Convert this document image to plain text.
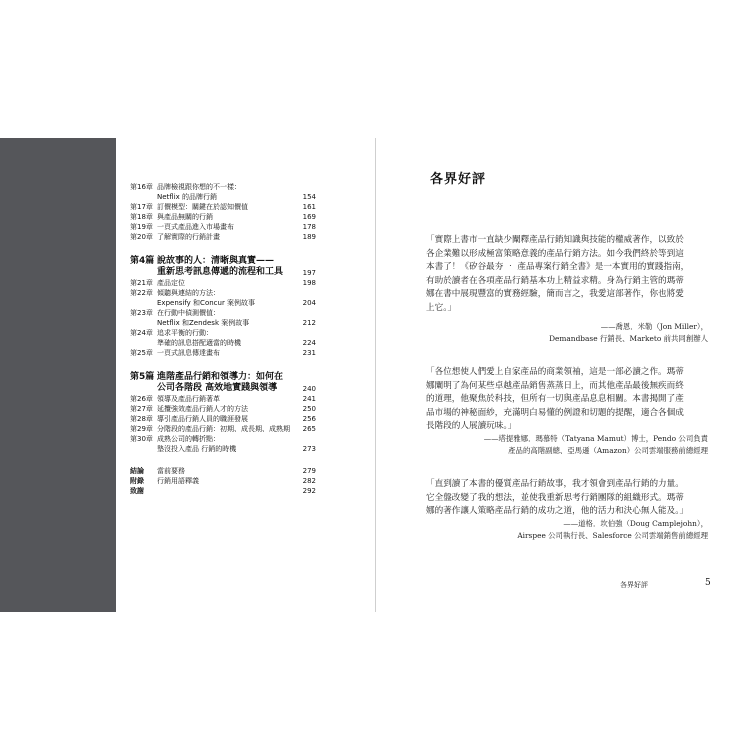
第16章 品牌檢視跟你想的不一樣：
Netflix 的品牌行銷	154
第17章 訂價模型：關鍵在於認知價值	161
第18章 與產品無關的行銷	169
第19章 一頁式產品進入市場畫布	178
第20章 了解實際的行銷計畫	189
第4篇 說故事的人：清晰與真實——
重新思考訊息傳遞的流程和工具	197
第21章 產品定位	198
第22章 傾聽與連結的方法：
Expensify 和Concur 案例故事	204
第23章 在行動中偵測價值：
Netflix 和Zendesk 案例故事	212
第24章 追求平衡的行動：
準確的訊息搭配適當的時機	224
第25章 一頁式訊息傳達畫布	231
第5篇 進階產品行銷和領導力：如何在
公司各階段 高效地實踐與領導	240
第26章 領導及產品行銷著革	241
第27章 延攬強效產品行銷人才的方法	250
第28章 導引產品行銷人員的職涯發展	256
第29章 分階段的產品行銷：初期、成長期、成熟期	265
第30章 成熟公司的轉折點：
墊沒投入產品 行銷的時機	273
結論	當前要務	279
附錄	行銷用語釋義	282
致謝	292
各界好評
「實際上書市一直缺少闡釋產品行銷知識與技能的權威著作，以致於
各企業難以形成極富策略意義的產品行銷方法。如今我們終於等到這
本書了！《矽谷最夯 ‧ 產品專案行銷全書》是一本實用的實踐指南，
有助於讀者在各項產品行銷基本功上精益求精。身為行銷主管的瑪蒂
娜在書中展現豐富的實務經驗，簡而言之，我愛這部著作，你也將愛
上它。」
——喬恩．米勒（Jon Miller），
Demandbase 行銷長、Marketo 前共同創辦人
「各位想使人們愛上自家產品的商業領袖，這是一部必讀之作。瑪蒂
娜闡明了為何某些卓越產品銷售蒸蒸日上，而其他產品最後無疾而終
的道理，他聚焦於科技，但所有一切與產品息息相關。本書揭開了產
品市場的神秘面紗，充滿明白易懂的例證和切題的提醒，適合各個成
長階段的人展讀玩味。」
——塔提雅娜．瑪慕特（Tatyana Mamut）博士，Pendo 公司負責
產品的高階副總、亞馬遜（Amazon）公司雲端服務前總經理
「直到讀了本書的優質產品行銷故事，我才領會到產品行銷的力量。
它全盤改變了我的想法，並使我重新思考行銷團隊的組織形式。瑪蒂
娜的著作讓人策略產品行銷的成功之道，他的活力和決心無人能及。」
——道格．坎伯強（Doug Camplejohn），
Airspee 公司執行長、Salesforce 公司雲端銷售前總經理
各界好評	5
